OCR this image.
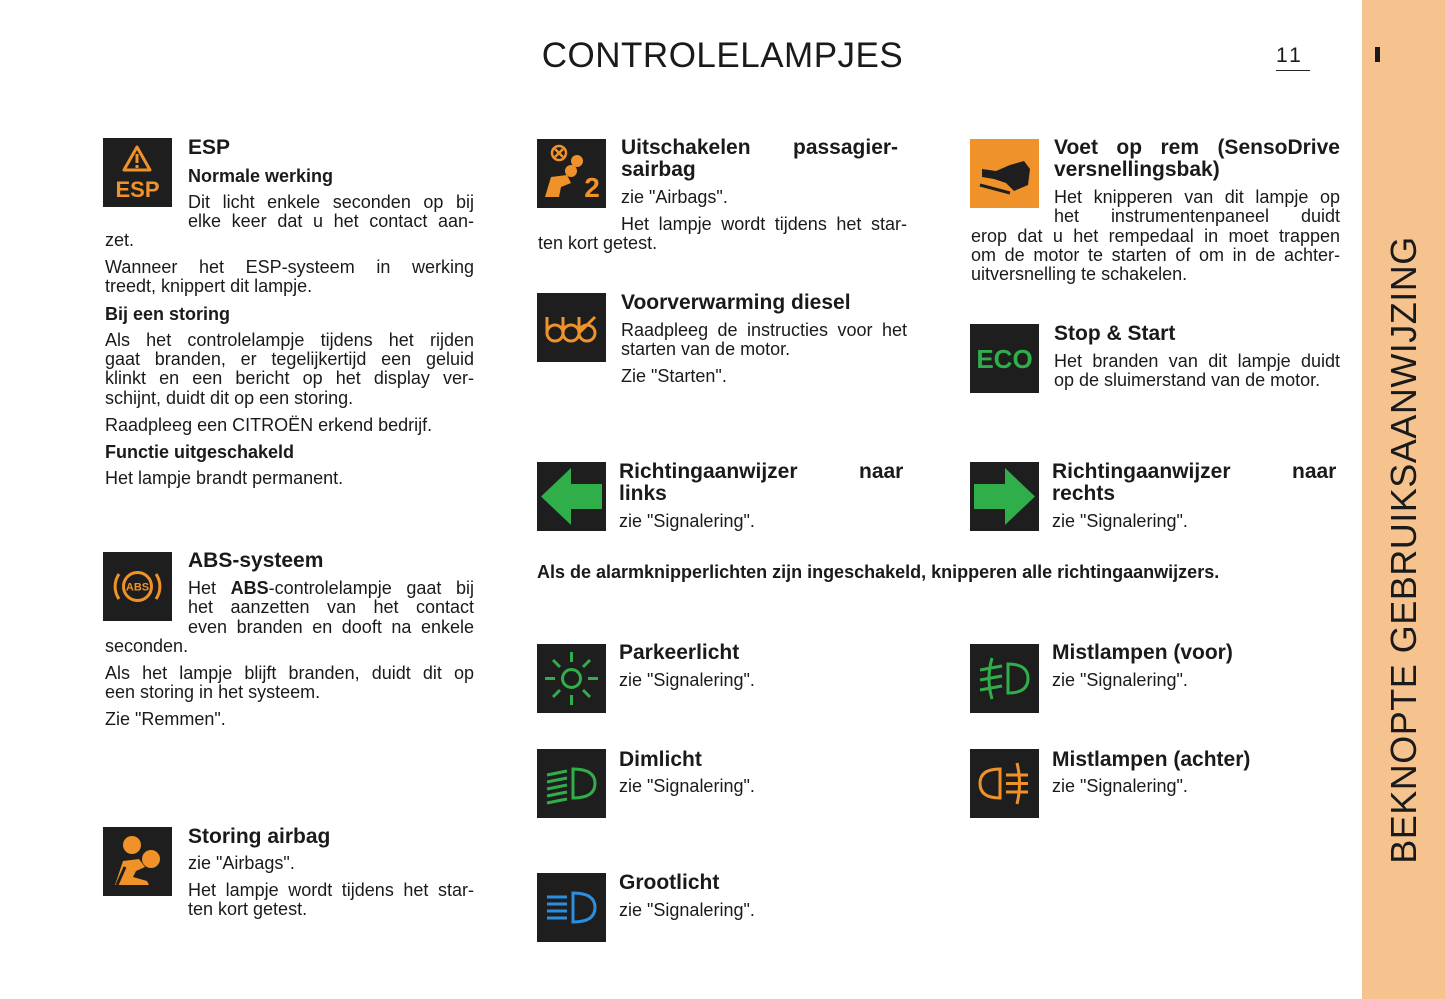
CONTROLELAMPJES	11
BEKNOPTE GEBRUIKSAANWIJZING
ESP
ESP
Normale werking
Dit licht enkele seconden op bij
elke keer dat u het contact aan-
zet.
Wanneer het ESP-systeem in werking
treedt, knippert dit lampje.
Bij een storing
Als het controlelampje tijdens het rijden
gaat branden, er tegelijkertijd een geluid
klinkt en een bericht op het display ver-
schijnt, duidt dit op een storing.
Raadpleeg een CITROËN erkend bedrijf.
Functie uitgeschakeld
Het lampje brandt permanent.
ABS
ABS-systeem
Het ABS-controlelampje gaat bij
het aanzetten van het contact
even branden en dooft na enkele
seconden.
Als het lampje blijft branden, duidt dit op
een storing in het systeem.
Zie "Remmen".
Storing airbag
zie "Airbags".
Het lampje wordt tijdens het star-
ten kort getest.
2
Uitschakelen passagier-
sairbag
zie "Airbags".
Het lampje wordt tijdens het star-
ten kort getest.
Voorverwarming diesel
Raadpleeg de instructies voor het
starten van de motor.
Zie "Starten".
Richtingaanwijzer	naar
links
zie "Signalering".
Als de alarmknipperlichten zijn ingeschakeld, knipperen alle richtingaanwijzers.
Parkeerlicht
zie "Signalering".
Dimlicht
zie "Signalering".
Grootlicht
zie "Signalering".
Voet op rem (SensoDrive
versnellingsbak)
Het knipperen van dit lampje op
het instrumentenpaneel duidt
erop dat u het rempedaal in moet trappen
om de motor te starten of om in de achter-
uitversnelling te schakelen.
ECO
Stop & Start
Het branden van dit lampje duidt
op de sluimerstand van de motor.
Richtingaanwijzer	naar
rechts
zie "Signalering".
Mistlampen (voor)
zie "Signalering".
Mistlampen (achter)
zie "Signalering".
